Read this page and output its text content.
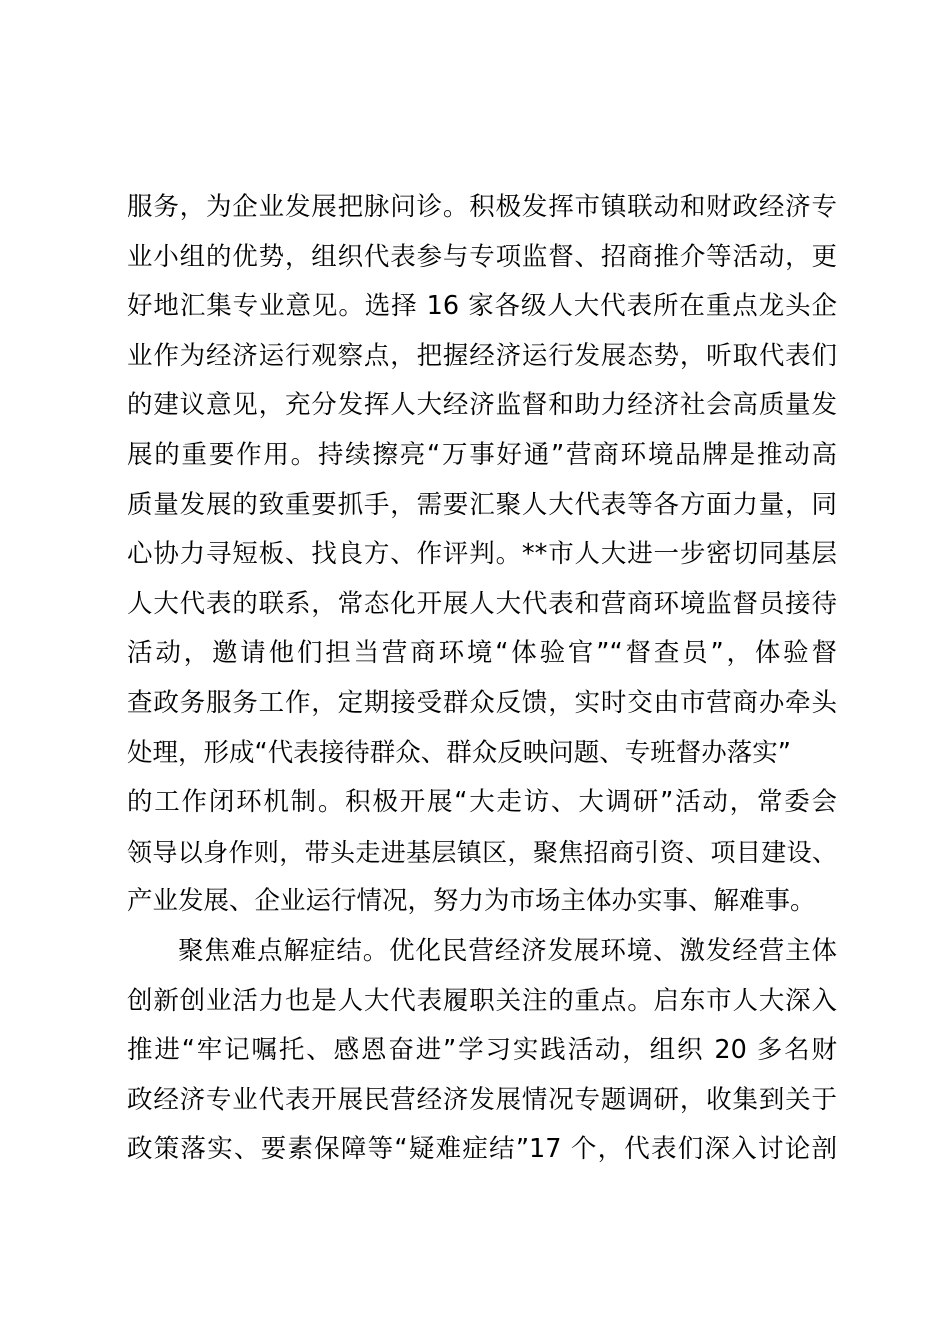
服务，为企业发展把脉问诊。积极发挥市镇联动和财政经济专
业小组的优势，组织代表参与专项监督、招商推介等活动，更
好地汇集专业意见。选择 16 家各级人大代表所在重点龙头企
业作为经济运行观察点，把握经济运行发展态势，听取代表们
的建议意见，充分发挥人大经济监督和助力经济社会高质量发
展的重要作用。持续擦亮“万事好通”营商环境品牌是推动高
质量发展的致重要抓手，需要汇聚人大代表等各方面力量，同
心协力寻短板、找良方、作评判。**市人大进一步密切同基层
人大代表的联系，常态化开展人大代表和营商环境监督员接待
活动，邀请他们担当营商环境“体验官”“督查员”，体验督
查政务服务工作，定期接受群众反馈，实时交由市营商办牵头
处理，形成“代表接待群众、群众反映问题、专班督办落实”
的工作闭环机制。积极开展“大走访、大调研”活动，常委会
领导以身作则，带头走进基层镇区，聚焦招商引资、项目建设、
产业发展、企业运行情况，努力为市场主体办实事、解难事。
聚焦难点解症结。优化民营经济发展环境、激发经营主体
创新创业活力也是人大代表履职关注的重点。启东市人大深入
推进“牢记嘱托、感恩奋进”学习实践活动，组织 20 多名财
政经济专业代表开展民营经济发展情况专题调研，收集到关于
政策落实、要素保障等“疑难症结”17 个，代表们深入讨论剖
